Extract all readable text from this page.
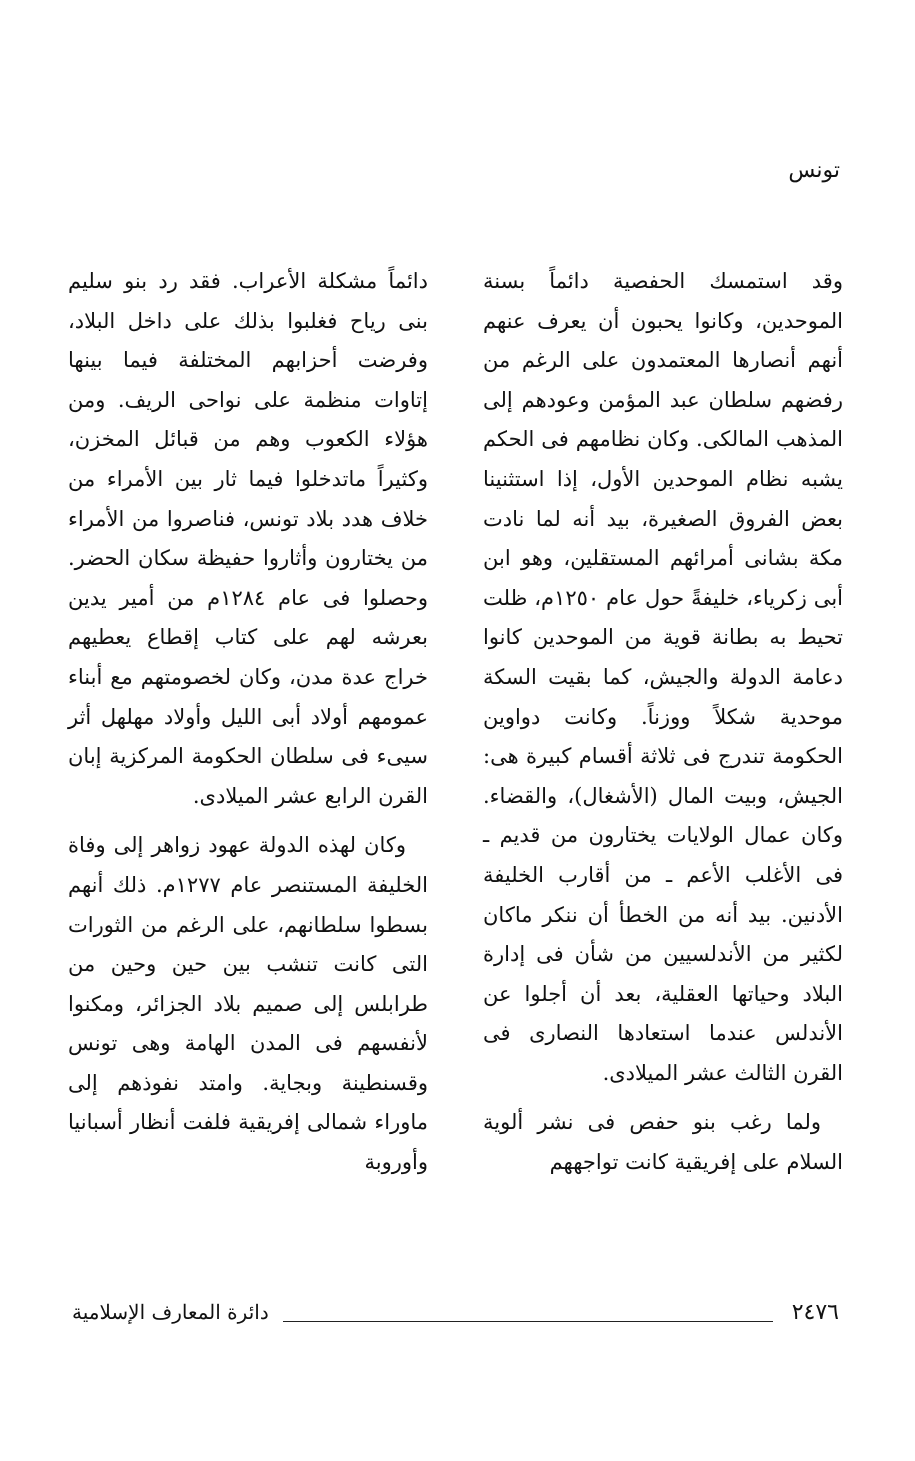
تونس

وقد استمسك الحفصية دائماً بسنة الموحدين، وكانوا يحبون أن يعرف عنهم أنهم أنصارها المعتمدون على الرغم من رفضهم سلطان عبد المؤمن وعودهم إلى المذهب المالكى. وكان نظامهم فى الحكم يشبه نظام الموحدين الأول، إذا استثنينا بعض الفروق الصغيرة، بيد أنه لما نادت مكة بشانى أمرائهم المستقلين، وهو ابن أبى زكرياء، خليفةً حول عام ١٢٥٠م، ظلت تحيط به بطانة قوية من الموحدين كانوا دعامة الدولة والجيش، كما بقيت السكة موحدية شكلاً ووزناً. وكانت دواوين الحكومة تندرج فى ثلاثة أقسام كبيرة هى: الجيش، وبيت المال (الأشغال)، والقضاء. وكان عمال الولايات يختارون من قديم ـ فى الأغلب الأعم ـ من أقارب الخليفة الأدنين. بيد أنه من الخطأ أن ننكر ماكان لكثير من الأندلسيين من شأن فى إدارة البلاد وحياتها العقلية، بعد أن أجلوا عن الأندلس عندما استعادها النصارى فى القرن الثالث عشر الميلادى.

ولما رغب بنو حفص فى نشر ألوية السلام على إفريقية كانت تواجههم

دائماً مشكلة الأعراب. فقد رد بنو سليم بنى رياح فغلبوا بذلك على داخل البلاد، وفرضت أحزابهم المختلفة فيما بينها إتاوات منظمة على نواحى الريف. ومن هؤلاء الكعوب وهم من قبائل المخزن، وكثيراً ماتدخلوا فيما ثار بين الأمراء من خلاف هدد بلاد تونس، فناصروا من الأمراء من يختارون وأثاروا حفيظة سكان الحضر. وحصلوا فى عام ١٢٨٤م من أمير يدين بعرشه لهم على كتاب إقطاع يعطيهم خراج عدة مدن، وكان لخصومتهم مع أبناء عمومهم أولاد أبى الليل وأولاد مهلهل أثر سيىء فى سلطان الحكومة المركزية إبان القرن الرابع عشر الميلادى.

وكان لهذه الدولة عهود زواهر إلى وفاة الخليفة المستنصر عام ١٢٧٧م. ذلك أنهم بسطوا سلطانهم، على الرغم من الثورات التى كانت تنشب بين حين وحين من طرابلس إلى صميم بلاد الجزائر، ومكنوا لأنفسهم فى المدن الهامة وهى تونس وقسنطينة وبجاية. وامتد نفوذهم إلى ماوراء شمالى إفريقية فلفت أنظار أسبانيا وأوروبة

٢٤٧٦
دائرة المعارف الإسلامية
